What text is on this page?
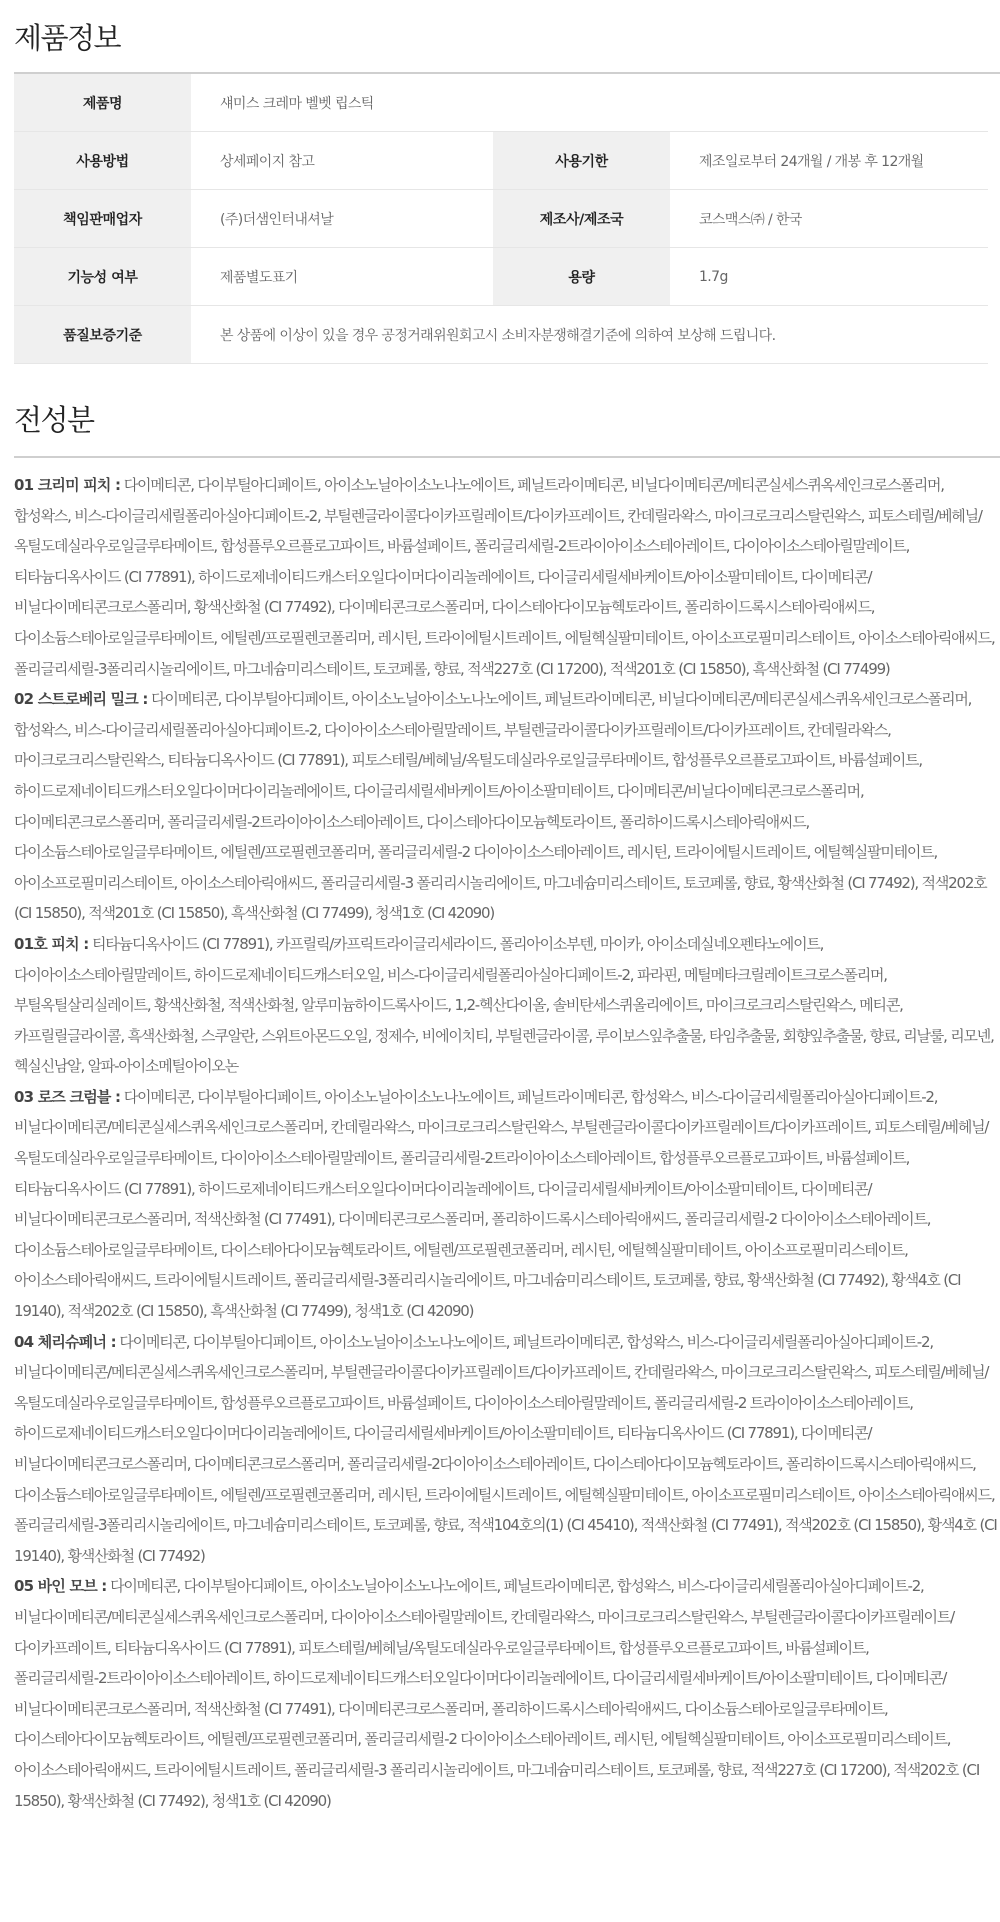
제품정보
제품명	섀미스 크레마 벨벳 립스틱		
사용방법	상세페이지 참고	사용기한	제조일로부터 24개월 / 개봉 후 12개월
책임판매업자	(주)더샘인터내셔날	제조사/제조국	코스맥스㈜ / 한국
기능성 여부	제품별도표기	용량	1.7g
품질보증기준	본 상품에 이상이 있을 경우 공정거래위원회고시 소비자분쟁해결기준에 의하여 보상해 드립니다.		
전성분

01 크리미 피치 : 다이메티콘, 다이부틸아디페이트, 아이소노닐아이소노나노에이트, 페닐트라이메티콘, 비닐다이메티콘/메티콘실세스퀴옥세인크로스폴리머, 합성왁스, 비스-다이글리세릴폴리아실아디페이트-2, 부틸렌글라이콜다이카프릴레이트/다이카프레이트, 칸데릴라왁스, 마이크로크리스탈린왁스, 피토스테릴/베헤닐/옥틸도데실라우로일글루타메이트, 합성플루오르플로고파이트, 바륨설페이트, 폴리글리세릴-2트라이아이소스테아레이트, 다이아이소스테아릴말레이트, 티타늄디옥사이드 (CI 77891), 하이드로제네이티드캐스터오일다이머다이리놀레에이트, 다이글리세릴세바케이트/아이소팔미테이트, 다이메티콘/비닐다이메티콘크로스폴리머, 황색산화철 (CI 77492), 다이메티콘크로스폴리머, 다이스테아다이모늄헥토라이트, 폴리하이드록시스테아릭애씨드, 다이소듐스테아로일글루타메이트, 에틸렌/프로필렌코폴리머, 레시틴, 트라이에틸시트레이트, 에틸헥실팔미테이트, 아이소프로필미리스테이트, 아이소스테아릭애씨드, 폴리글리세릴-3폴리리시놀리에이트, 마그네슘미리스테이트, 토코페롤, 향료, 적색227호 (CI 17200), 적색201호 (CI 15850), 흑색산화철 (CI 77499)

02 스트로베리 밀크 : 다이메티콘, 다이부틸아디페이트, 아이소노닐아이소노나노에이트, 페닐트라이메티콘, 비닐다이메티콘/메티콘실세스퀴옥세인크로스폴리머, 합성왁스, 비스-다이글리세릴폴리아실아디페이트-2, 다이아이소스테아릴말레이트, 부틸렌글라이콜다이카프릴레이트/다이카프레이트, 칸데릴라왁스, 마이크로크리스탈린왁스, 티타늄디옥사이드 (CI 77891), 피토스테릴/베헤닐/옥틸도데실라우로일글루타메이트, 합성플루오르플로고파이트, 바륨설페이트, 하이드로제네이티드캐스터오일다이머다이리놀레에이트, 다이글리세릴세바케이트/아이소팔미테이트, 다이메티콘/비닐다이메티콘크로스폴리머, 다이메티콘크로스폴리머, 폴리글리세릴-2트라이아이소스테아레이트, 다이스테아다이모늄헥토라이트, 폴리하이드록시스테아릭애씨드, 다이소듐스테아로일글루타메이트, 에틸렌/프로필렌코폴리머, 폴리글리세릴-2 다이아이소스테아레이트, 레시틴, 트라이에틸시트레이트, 에틸헥실팔미테이트, 아이소프로필미리스테이트, 아이소스테아릭애씨드, 폴리글리세릴-3 폴리리시놀리에이트, 마그네슘미리스테이트, 토코페롤, 향료, 황색산화철 (CI 77492), 적색202호 (CI 15850), 적색201호 (CI 15850), 흑색산화철 (CI 77499), 청색1호 (CI 42090)

01호 피치 : 티타늄디옥사이드 (CI 77891), 카프릴릭/카프릭트라이글리세라이드, 폴리아이소부텐, 마이카, 아이소데실네오펜타노에이트, 다이아이소스테아릴말레이트, 하이드로제네이티드캐스터오일, 비스-다이글리세릴폴리아실아디페이트-2, 파라핀, 메틸메타크릴레이트크로스폴리머, 부틸옥틸살리실레이트, 황색산화철, 적색산화철, 알루미늄하이드록사이드, 1,2-헥산다이올, 솔비탄세스퀴올리에이트, 마이크로크리스탈린왁스, 메티콘, 카프릴릴글라이콜, 흑색산화철, 스쿠알란, 스위트아몬드오일, 정제수, 비에이치티, 부틸렌글라이콜, 루이보스잎추출물, 타임추출물, 회향잎추출물, 향료, 리날룰, 리모넨, 헥실신남알, 알파-아이소메틸아이오논

03 로즈 크럼블 : 다이메티콘, 다이부틸아디페이트, 아이소노닐아이소노나노에이트, 페닐트라이메티콘, 합성왁스, 비스-다이글리세릴폴리아실아디페이트-2, 비닐다이메티콘/메티콘실세스퀴옥세인크로스폴리머, 칸데릴라왁스, 마이크로크리스탈린왁스, 부틸렌글라이콜다이카프릴레이트/다이카프레이트, 피토스테릴/베헤닐/옥틸도데실라우로일글루타메이트, 다이아이소스테아릴말레이트, 폴리글리세릴-2트라이아이소스테아레이트, 합성플루오르플로고파이트, 바륨설페이트, 티타늄디옥사이드 (CI 77891), 하이드로제네이티드캐스터오일다이머다이리놀레에이트, 다이글리세릴세바케이트/아이소팔미테이트, 다이메티콘/비닐다이메티콘크로스폴리머, 적색산화철 (CI 77491), 다이메티콘크로스폴리머, 폴리하이드록시스테아릭애씨드, 폴리글리세릴-2 다이아이소스테아레이트, 다이소듐스테아로일글루타메이트, 다이스테아다이모늄헥토라이트, 에틸렌/프로필렌코폴리머, 레시틴, 에틸헥실팔미테이트, 아이소프로필미리스테이트, 아이소스테아릭애씨드, 트라이에틸시트레이트, 폴리글리세릴-3폴리리시놀리에이트, 마그네슘미리스테이트, 토코페롤, 향료, 황색산화철 (CI 77492), 황색4호 (CI 19140), 적색202호 (CI 15850), 흑색산화철 (CI 77499), 청색1호 (CI 42090)

04 체리슈페너 : 다이메티콘, 다이부틸아디페이트, 아이소노닐아이소노나노에이트, 페닐트라이메티콘, 합성왁스, 비스-다이글리세릴폴리아실아디페이트-2, 비닐다이메티콘/메티콘실세스퀴옥세인크로스폴리머, 부틸렌글라이콜다이카프릴레이트/다이카프레이트, 칸데릴라왁스, 마이크로크리스탈린왁스, 피토스테릴/베헤닐/옥틸도데실라우로일글루타메이트, 합성플루오르플로고파이트, 바륨설페이트, 다이아이소스테아릴말레이트, 폴리글리세릴-2 트라이아이소스테아레이트, 하이드로제네이티드캐스터오일다이머다이리놀레에이트, 다이글리세릴세바케이트/아이소팔미테이트, 티타늄디옥사이드 (CI 77891), 다이메티콘/비닐다이메티콘크로스폴리머, 다이메티콘크로스폴리머, 폴리글리세릴-2다이아이소스테아레이트, 다이스테아다이모늄헥토라이트, 폴리하이드록시스테아릭애씨드, 다이소듐스테아로일글루타메이트, 에틸렌/프로필렌코폴리머, 레시틴, 트라이에틸시트레이트, 에틸헥실팔미테이트, 아이소프로필미리스테이트, 아이소스테아릭애씨드, 폴리글리세릴-3폴리리시놀리에이트, 마그네슘미리스테이트, 토코페롤, 향료, 적색104호의(1) (CI 45410), 적색산화철 (CI 77491), 적색202호 (CI 15850), 황색4호 (CI 19140), 황색산화철 (CI 77492)

05 바인 모브 : 다이메티콘, 다이부틸아디페이트, 아이소노닐아이소노나노에이트, 페닐트라이메티콘, 합성왁스, 비스-다이글리세릴폴리아실아디페이트-2, 비닐다이메티콘/메티콘실세스퀴옥세인크로스폴리머, 다이아이소스테아릴말레이트, 칸데릴라왁스, 마이크로크리스탈린왁스, 부틸렌글라이콜다이카프릴레이트/다이카프레이트, 티타늄디옥사이드 (CI 77891), 피토스테릴/베헤닐/옥틸도데실라우로일글루타메이트, 합성플루오르플로고파이트, 바륨설페이트, 폴리글리세릴-2트라이아이소스테아레이트, 하이드로제네이티드캐스터오일다이머다이리놀레에이트, 다이글리세릴세바케이트/아이소팔미테이트, 다이메티콘/비닐다이메티콘크로스폴리머, 적색산화철 (CI 77491), 다이메티콘크로스폴리머, 폴리하이드록시스테아릭애씨드, 다이소듐스테아로일글루타메이트, 다이스테아다이모늄헥토라이트, 에틸렌/프로필렌코폴리머, 폴리글리세릴-2 다이아이소스테아레이트, 레시틴, 에틸헥실팔미테이트, 아이소프로필미리스테이트, 아이소스테아릭애씨드, 트라이에틸시트레이트, 폴리글리세릴-3 폴리리시놀리에이트, 마그네슘미리스테이트, 토코페롤, 향료, 적색227호 (CI 17200), 적색202호 (CI 15850), 황색산화철 (CI 77492), 청색1호 (CI 42090)
